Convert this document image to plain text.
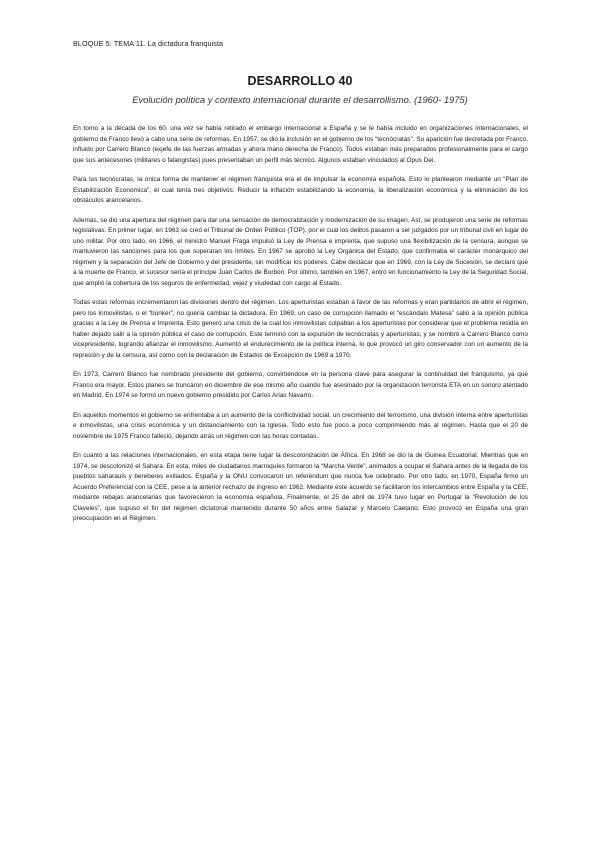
BLOQUE 5: TEMA 11. La dictadura franquista
DESARROLLO 40
Evolución política y contexto internacional durante el desarrollismo. (1960- 1975)

En torno a la década de los 60, una vez se había retirado el embargo internacional a España y se le había incluido en organizaciones internacionales, el gobierno de Franco llevó a cabo una serie de reformas. En 1957, se dio la inclusión en el gobierno de los “tecnócratas”. Su aparición fue decretada por Franco, influido por Carrero Blanco (exjefe de las fuerzas armadas y ahora mano derecha de Franco). Todos estaban más preparados profesionalmente para el cargo que sus antecesores (militares o falangistas) pues presentaban un perfil más técnico. Algunos estaban vinculados al Opus Dei.

Para los tecnócratas, la única forma de mantener el régimen franquista era el de impulsar la economía española. Esto lo plantearon mediante un “Plan de Estabilización Económica”, el cual tenía tres objetivos: Reducir la inflación estabilizando la economía, la liberalización económica y la eliminación de los obstáculos arancelarios.

Además, se dio una apertura del régimen para dar una sensación de democratización y modernización de su imagen. Así, se produjeron una serie de reformas legislativas. En primer lugar, en 1963 se creó el Tribunal de Orden Público (TOP), por el cual los delitos pasaron a ser juzgados por un tribunal civil en lugar de uno militar. Por otro lado, en 1966, el ministro Manuel Fraga impulsó la Ley de Prensa e imprenta, que supuso una flexibilización de la censura, aunque se mantuvieron las sanciones para los que superaran los límites. En 1967 se aprobó la Ley Orgánica del Estado, que confirmaba el carácter monárquico del régimen y la separación del Jefe de Gobierno y del presidente, sin modificar los poderes. Cabe destacar que en 1969, con la Ley de Sucesión, se declaró que a la muerte de Franco, el sucesor sería el príncipe Juan Carlos de Borbón. Por último, también en 1967, entró en funcionamiento la Ley de la Seguridad Social, que amplió la cobertura de los seguros de enfermedad, vejez y viudedad con cargo al Estado.

Todas estas reformas incrementaron las divisiones dentro del régimen. Los aperturistas estaban a favor de las reformas y eran partidarios de abrir el régimen, pero los inmovilistas, o el “búnker”, no quería cambiar la dictadura. En 1969, un caso de corrupción llamado el “escándalo Matesa” salió a la opinión pública gracias a la Ley de Prensa e Imprenta. Esto generó una crisis de la cual los inmovilistas culpaban a los aperturistas por considerar que el problema residía en haber dejado salir a la opinión pública el caso de corrupción. Este terminó con la expulsión de tecnócratas y aperturistas, y se nombró a Carrero Blanco como vicepresidente, logrando afianzar el inmovilismo. Aumentó el endurecimiento de la política interna, lo que provocó un giro conservador con un aumento de la represión y de la censura, así como con la declaración de Estados de Excepción de 1969 a 1970.

En 1973, Carrero Blanco fue nombrado presidente del gobierno, convirtiéndose en la persona clave para asegurar la continuidad del franquismo, ya que Franco era mayor. Estos planes se truncaron en diciembre de ese mismo año cuando fue asesinado por la organización terrorista ETA en un sonoro atentado en Madrid. En 1974 se formó un nuevo gobierno presidido por Carlos Arias Navarro.

En aquellos momentos el gobierno se enfrentaba a un aumento de la conflictividad social, un crecimiento del terrorismo, una división interna entre aperturistas e inmovilistas, una crisis económica y un distanciamiento con la Iglesia. Todo esto fue poco a poco comprimiendo más al régimen. Hasta que el 20 de noviembre de 1975 Franco falleció, dejando atrás un régimen con las horas contadas.

En cuanto a las relaciones internacionales, en esta etapa tiene lugar la descolonización de África. En 1968 se dio la de Guinea Ecuatorial. Mientras que en 1974, se descolonizó el Sahara. En esta, miles de ciudadanos marroquíes formaron la “Marcha Verde”, animados a ocupar el Sahara antes de la llegada de los pueblos saharauis y bereberes exiliados. España y la ONU convocaron un referéndum que nunca fue celebrado. Por otro lado, en 1970, España firmó un Acuerdo Preferencial con la CEE, pese a la anterior rechazo de ingreso en 1962. Mediante este acuerdo se facilitaron los intercambios entre España y la CEE, mediante rebajas arancelarias que favorecieron la economía española. Finalmente, el 25 de abril de 1974 tuvo lugar en Portugal la “Revolución de los Claveles”, que supuso el fin del régimen dictatorial mantenido durante 50 años entre Salazar y Marcelo Caetano. Esto provocó en España una gran preocupación en el Régimen.
